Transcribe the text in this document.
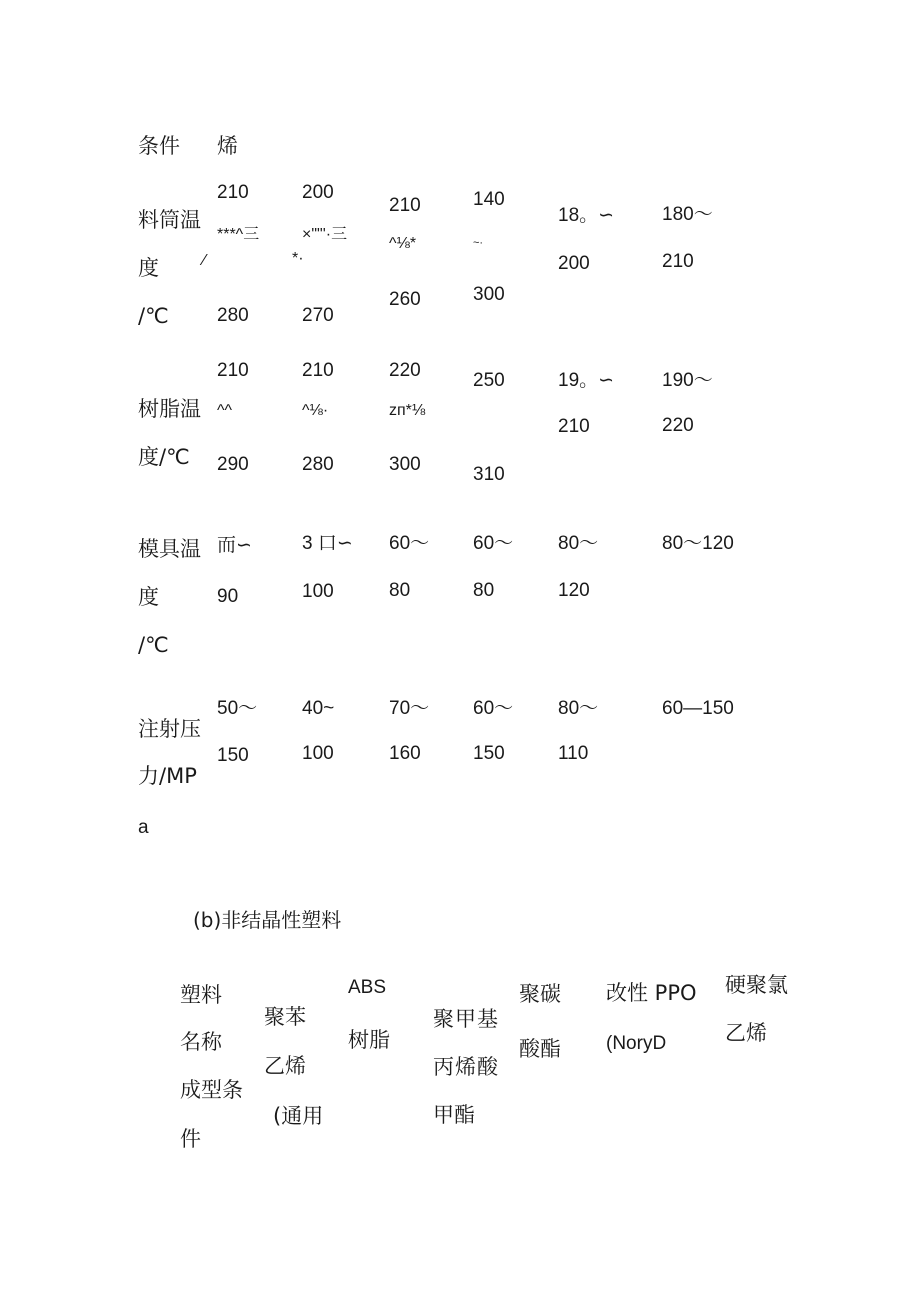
条件 烯
料筒温
度
/℃
210
***^三
∕
280
200
×""'·三
*·
270
210
^⅛*
260
140
~·
300
18。∽
200
180～
210
树脂温
度/℃
210
^^
290
210
^⅛·
280
220
zᴨ*⅛
300
250
310
19。∽
210
190～
220
模具温
度
/℃
而∽
90
3 口∽
100
60～
80
60～
80
80～
120
80～120
注射压
力/MP
a
50～
150
40~
100
70～
160
60～
150
80～
110
60—150
(b)非结晶性塑料
塑料
名称
成型条
件
聚苯
乙烯
(通用
ABS
树脂
聚甲基
丙烯酸
甲酯
聚碳
酸酯
改性 PPO
(NoryD
硬聚氯
乙烯
